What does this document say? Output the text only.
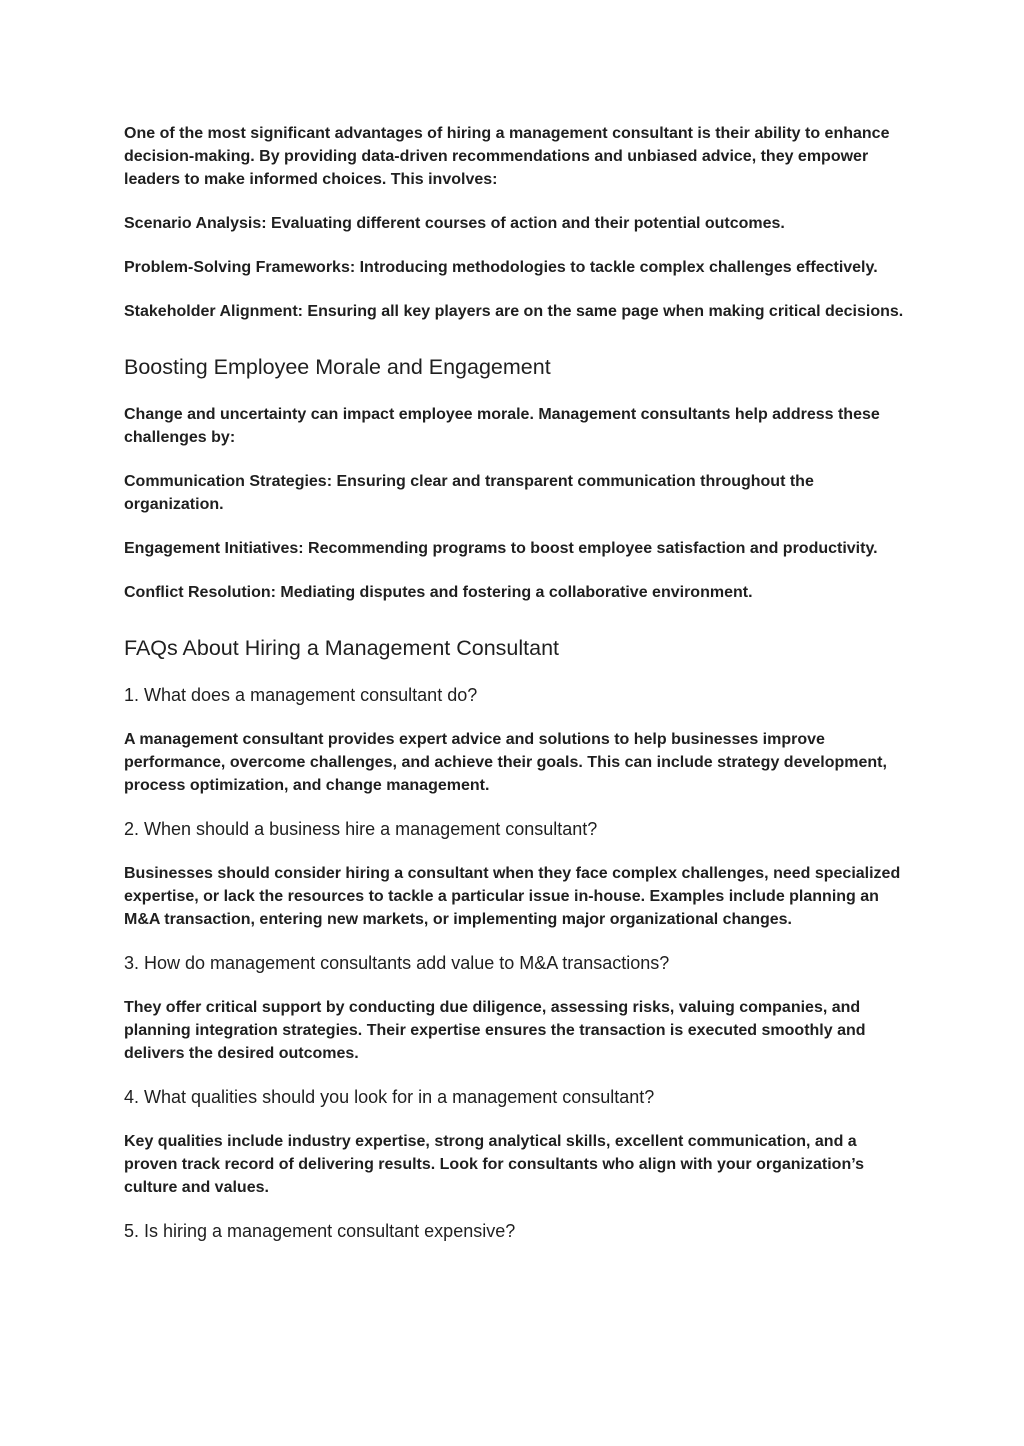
One of the most significant advantages of hiring a management consultant is their ability to enhance decision-making. By providing data-driven recommendations and unbiased advice, they empower leaders to make informed choices. This involves:

Scenario Analysis: Evaluating different courses of action and their potential outcomes.

Problem-Solving Frameworks: Introducing methodologies to tackle complex challenges effectively.

Stakeholder Alignment: Ensuring all key players are on the same page when making critical decisions.

Boosting Employee Morale and Engagement

Change and uncertainty can impact employee morale. Management consultants help address these challenges by:

Communication Strategies: Ensuring clear and transparent communication throughout the organization.

Engagement Initiatives: Recommending programs to boost employee satisfaction and productivity.

Conflict Resolution: Mediating disputes and fostering a collaborative environment.

FAQs About Hiring a Management Consultant
1. What does a management consultant do?

A management consultant provides expert advice and solutions to help businesses improve performance, overcome challenges, and achieve their goals. This can include strategy development, process optimization, and change management.

2. When should a business hire a management consultant?

Businesses should consider hiring a consultant when they face complex challenges, need specialized expertise, or lack the resources to tackle a particular issue in-house. Examples include planning an M&A transaction, entering new markets, or implementing major organizational changes.

3. How do management consultants add value to M&A transactions?

They offer critical support by conducting due diligence, assessing risks, valuing companies, and planning integration strategies. Their expertise ensures the transaction is executed smoothly and delivers the desired outcomes.

4. What qualities should you look for in a management consultant?

Key qualities include industry expertise, strong analytical skills, excellent communication, and a proven track record of delivering results. Look for consultants who align with your organization’s culture and values.

5. Is hiring a management consultant expensive?
